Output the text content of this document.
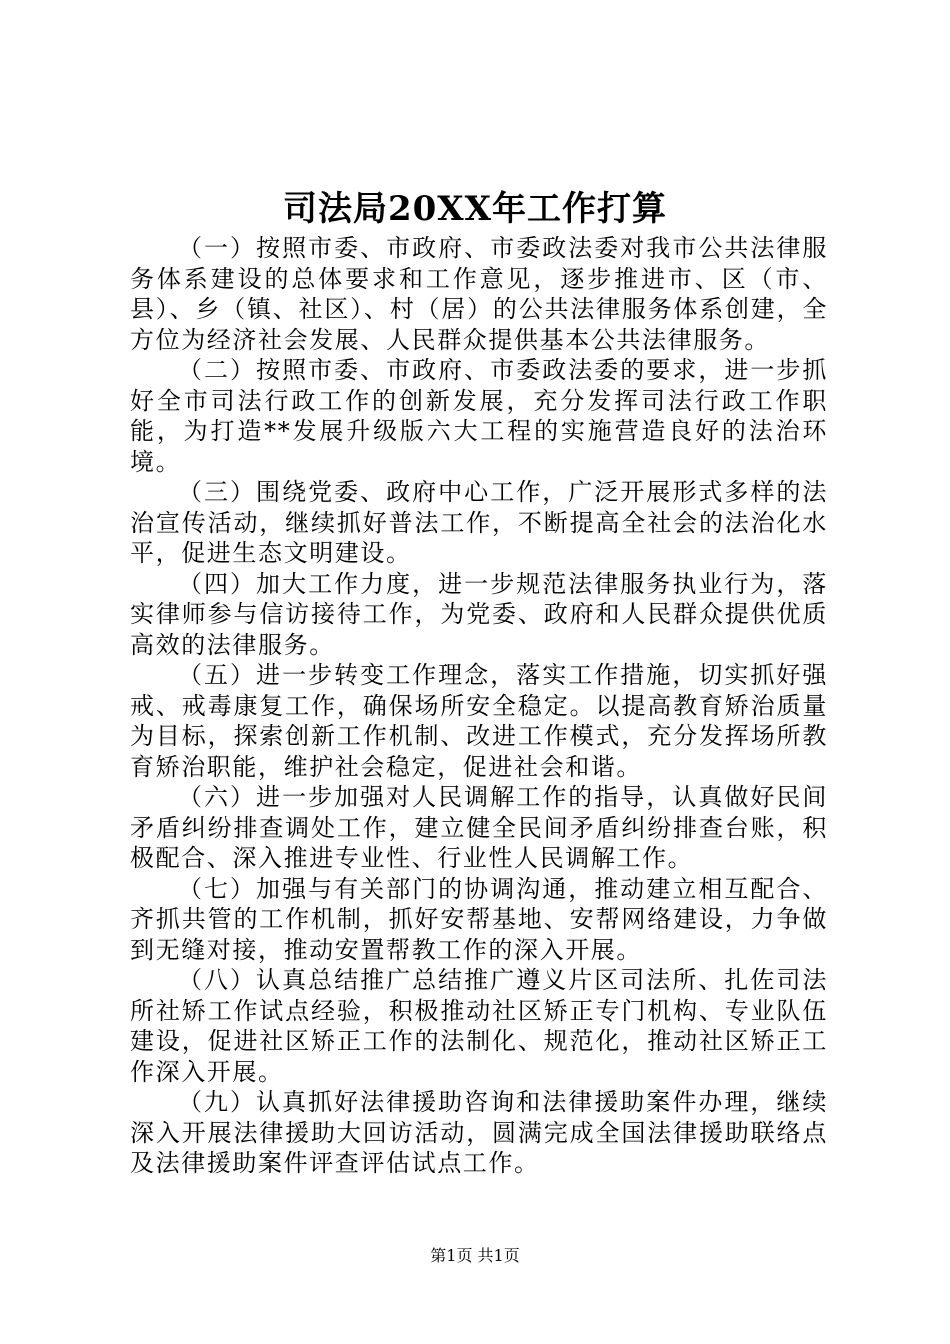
司法局20XX年工作打算

（一）按照市委、市政府、市委政法委对我市公共法律服务体系建设的总体要求和工作意见，逐步推进市、区（市、县）、乡（镇、社区）、村（居）的公共法律服务体系创建，全方位为经济社会发展、人民群众提供基本公共法律服务。

（二）按照市委、市政府、市委政法委的要求，进一步抓好全市司法行政工作的创新发展，充分发挥司法行政工作职能，为打造**发展升级版六大工程的实施营造良好的法治环境。

（三）围绕党委、政府中心工作，广泛开展形式多样的法治宣传活动，继续抓好普法工作，不断提高全社会的法治化水平，促进生态文明建设。

（四）加大工作力度，进一步规范法律服务执业行为，落实律师参与信访接待工作，为党委、政府和人民群众提供优质高效的法律服务。

（五）进一步转变工作理念，落实工作措施，切实抓好强戒、戒毒康复工作，确保场所安全稳定。以提高教育矫治质量为目标，探索创新工作机制、改进工作模式，充分发挥场所教育矫治职能，维护社会稳定，促进社会和谐。

（六）进一步加强对人民调解工作的指导，认真做好民间矛盾纠纷排查调处工作，建立健全民间矛盾纠纷排查台账，积极配合、深入推进专业性、行业性人民调解工作。

（七）加强与有关部门的协调沟通，推动建立相互配合、齐抓共管的工作机制，抓好安帮基地、安帮网络建设，力争做到无缝对接，推动安置帮教工作的深入开展。

（八）认真总结推广总结推广遵义片区司法所、扎佐司法所社矫工作试点经验，积极推动社区矫正专门机构、专业队伍建设，促进社区矫正工作的法制化、规范化，推动社区矫正工作深入开展。

（九）认真抓好法律援助咨询和法律援助案件办理，继续深入开展法律援助大回访活动，圆满完成全国法律援助联络点及法律援助案件评查评估试点工作。

第1页 共1页
